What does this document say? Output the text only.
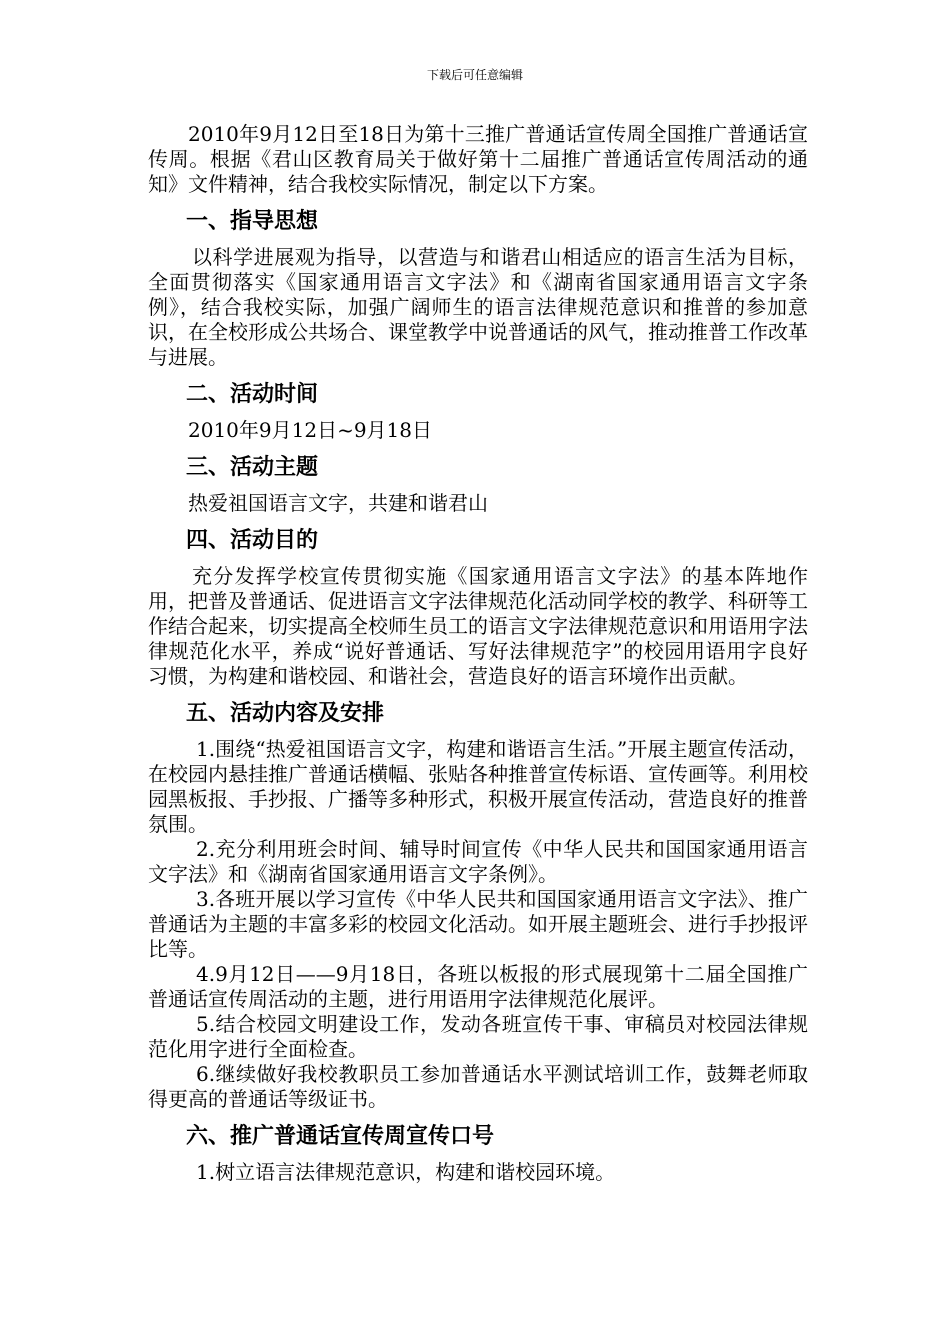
下载后可任意编辑

2010年9月12日至18日为第十三推广普通话宣传周全国推广普通话宣传周。根据《君山区教育局关于做好第十二届推广普通话宣传周活动的通知》文件精神，结合我校实际情况，制定以下方案。

一、指导思想

以科学进展观为指导，以营造与和谐君山相适应的语言生活为目标，全面贯彻落实《国家通用语言文字法》和《湖南省国家通用语言文字条例》，结合我校实际，加强广阔师生的语言法律规范意识和推普的参加意识，在全校形成公共场合、课堂教学中说普通话的风气，推动推普工作改革与进展。

二、活动时间

2010年9月12日~9月18日

三、活动主题

热爱祖国语言文字，共建和谐君山

四、活动目的

充分发挥学校宣传贯彻实施《国家通用语言文字法》的基本阵地作用，把普及普通话、促进语言文字法律规范化活动同学校的教学、科研等工作结合起来，切实提高全校师生员工的语言文字法律规范意识和用语用字法律规范化水平，养成“说好普通话、写好法律规范字”的校园用语用字良好习惯，为构建和谐校园、和谐社会，营造良好的语言环境作出贡献。

五、活动内容及安排

1.围绕“热爱祖国语言文字，构建和谐语言生活。”开展主题宣传活动，在校园内悬挂推广普通话横幅、张贴各种推普宣传标语、宣传画等。利用校园黑板报、手抄报、广播等多种形式，积极开展宣传活动，营造良好的推普氛围。

2.充分利用班会时间、辅导时间宣传《中华人民共和国国家通用语言文字法》和《湖南省国家通用语言文字条例》。

3.各班开展以学习宣传《中华人民共和国国家通用语言文字法》、推广普通话为主题的丰富多彩的校园文化活动。如开展主题班会、进行手抄报评比等。

4.9月12日——9月18日，各班以板报的形式展现第十二届全国推广普通话宣传周活动的主题，进行用语用字法律规范化展评。

5.结合校园文明建设工作，发动各班宣传干事、审稿员对校园法律规范化用字进行全面检查。

6.继续做好我校教职员工参加普通话水平测试培训工作，鼓舞老师取得更高的普通话等级证书。

六、推广普通话宣传周宣传口号

1.树立语言法律规范意识，构建和谐校园环境。
